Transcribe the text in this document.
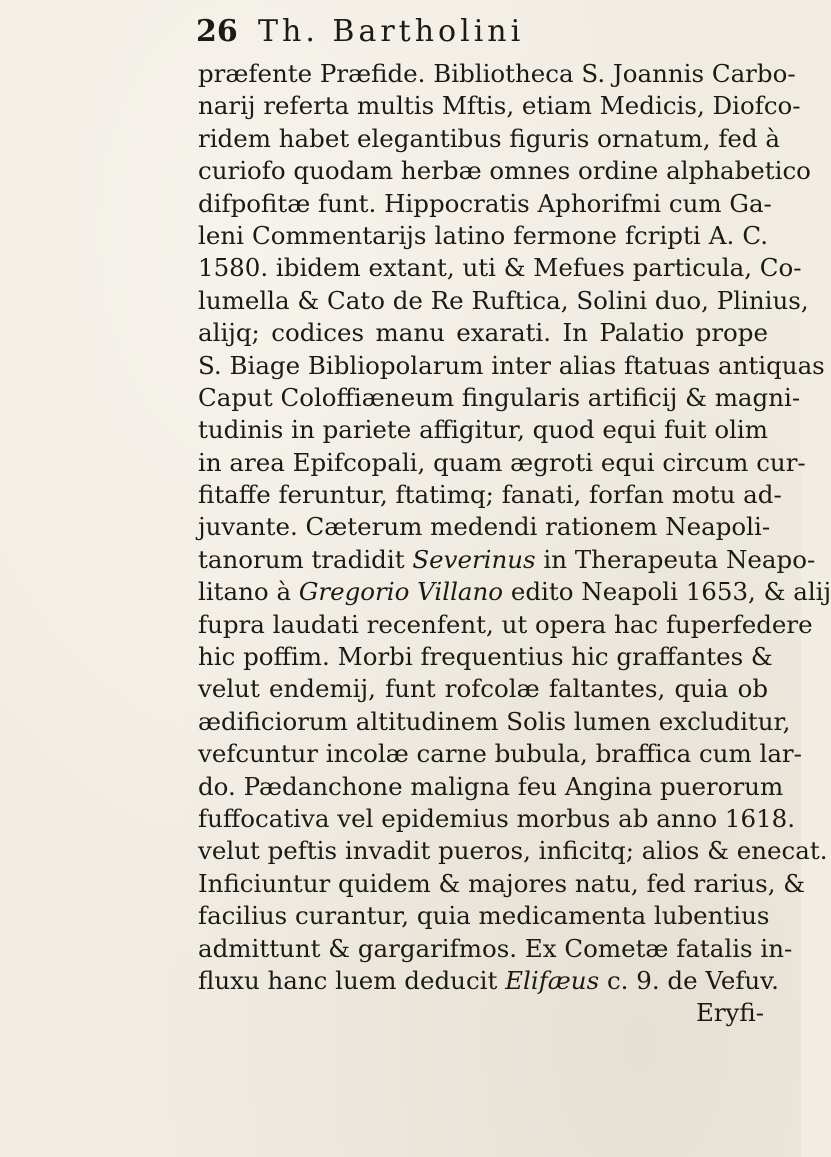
26 Th. Bartholini
præfente Præfide. Bibliotheca S. Joannis Carbo-
narij referta multis Mftis, etiam Medicis, Diofco-
ridem habet elegantibus figuris ornatum, fed à
curiofo quodam herbæ omnes ordine alphabetico
difpofitæ funt. Hippocratis Aphorifmi cum Ga-
leni Commentarijs latino fermone fcripti A. C.
1580. ibidem extant, uti & Mefues particula, Co-
lumella & Cato de Re Ruftica, Solini duo, Plinius,
alijq; codices manu exarati. In Palatio prope
S. Biage Bibliopolarum inter alias ftatuas antiquas
Caput Coloffiæneum fingularis artificij & magni-
tudinis in pariete affigitur, quod equi fuit olim
in area Epifcopali, quam ægroti equi circum cur-
fitaffe feruntur, ftatimq; fanati, forfan motu ad-
juvante. Cæterum medendi rationem Neapoli-
tanorum tradidit Severinus in Therapeuta Neapo-
litano à Gregorio Villano edito Neapoli 1653, & alij
fupra laudati recenfent, ut opera hac fuperfedere
hic poffim. Morbi frequentius hic graffantes &
velut endemij, funt rofcolæ faltantes, quia ob
ædificiorum altitudinem Solis lumen excluditur,
vefcuntur incolæ carne bubula, braffica cum lar-
do. Pædanchone maligna feu Angina puerorum
fuffocativa vel epidemius morbus ab anno 1618.
velut peftis invadit pueros, inficitq; alios & enecat.
Inficiuntur quidem & majores natu, fed rarius, &
facilius curantur, quia medicamenta lubentius
admittunt & gargarifmos. Ex Cometæ fatalis in-
fluxu hanc luem deducit Elifæus c. 9. de Vefuv.
Eryfi-
